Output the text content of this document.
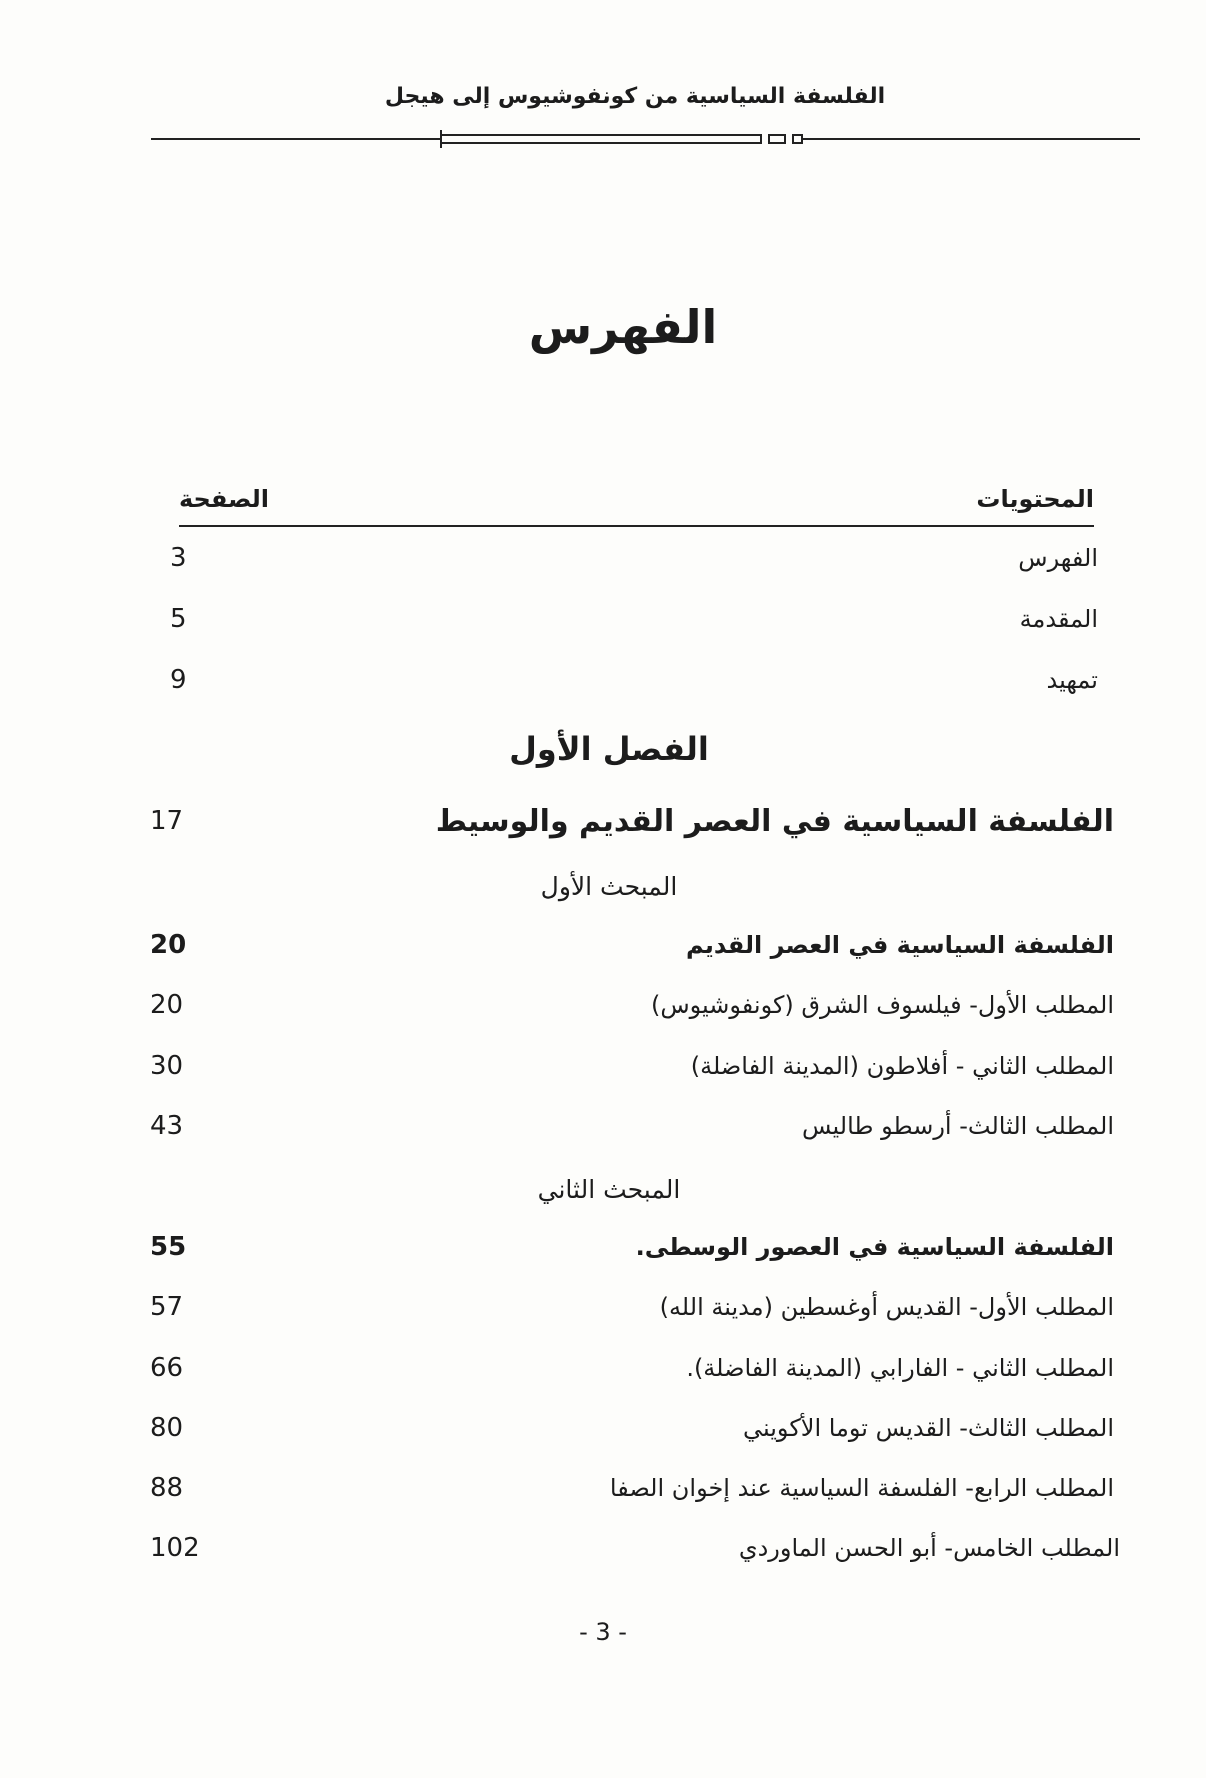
الفلسفة السياسية من كونفوشيوس إلى هيجل
الفهرس
المحتويات
الصفحة
الفهرس
3
المقدمة
5
تمهيد
9
الفصل الأول
الفلسفة السياسية في العصر القديم والوسيط
17
المبحث الأول
الفلسفة السياسية في العصر القديم
20
المطلب الأول- فيلسوف الشرق (كونفوشيوس)
20
المطلب الثاني - أفلاطون (المدينة الفاضلة)
30
المطلب الثالث- أرسطو طاليس
43
المبحث الثاني
الفلسفة السياسية في العصور الوسطى.
55
المطلب الأول- القديس أوغسطين (مدينة الله)
57
المطلب الثاني - الفارابي (المدينة الفاضلة).
66
المطلب الثالث- القديس توما الأكويني
80
المطلب الرابع- الفلسفة السياسية عند إخوان الصفا
88
المطلب الخامس- أبو الحسن الماوردي
102
- 3 -
